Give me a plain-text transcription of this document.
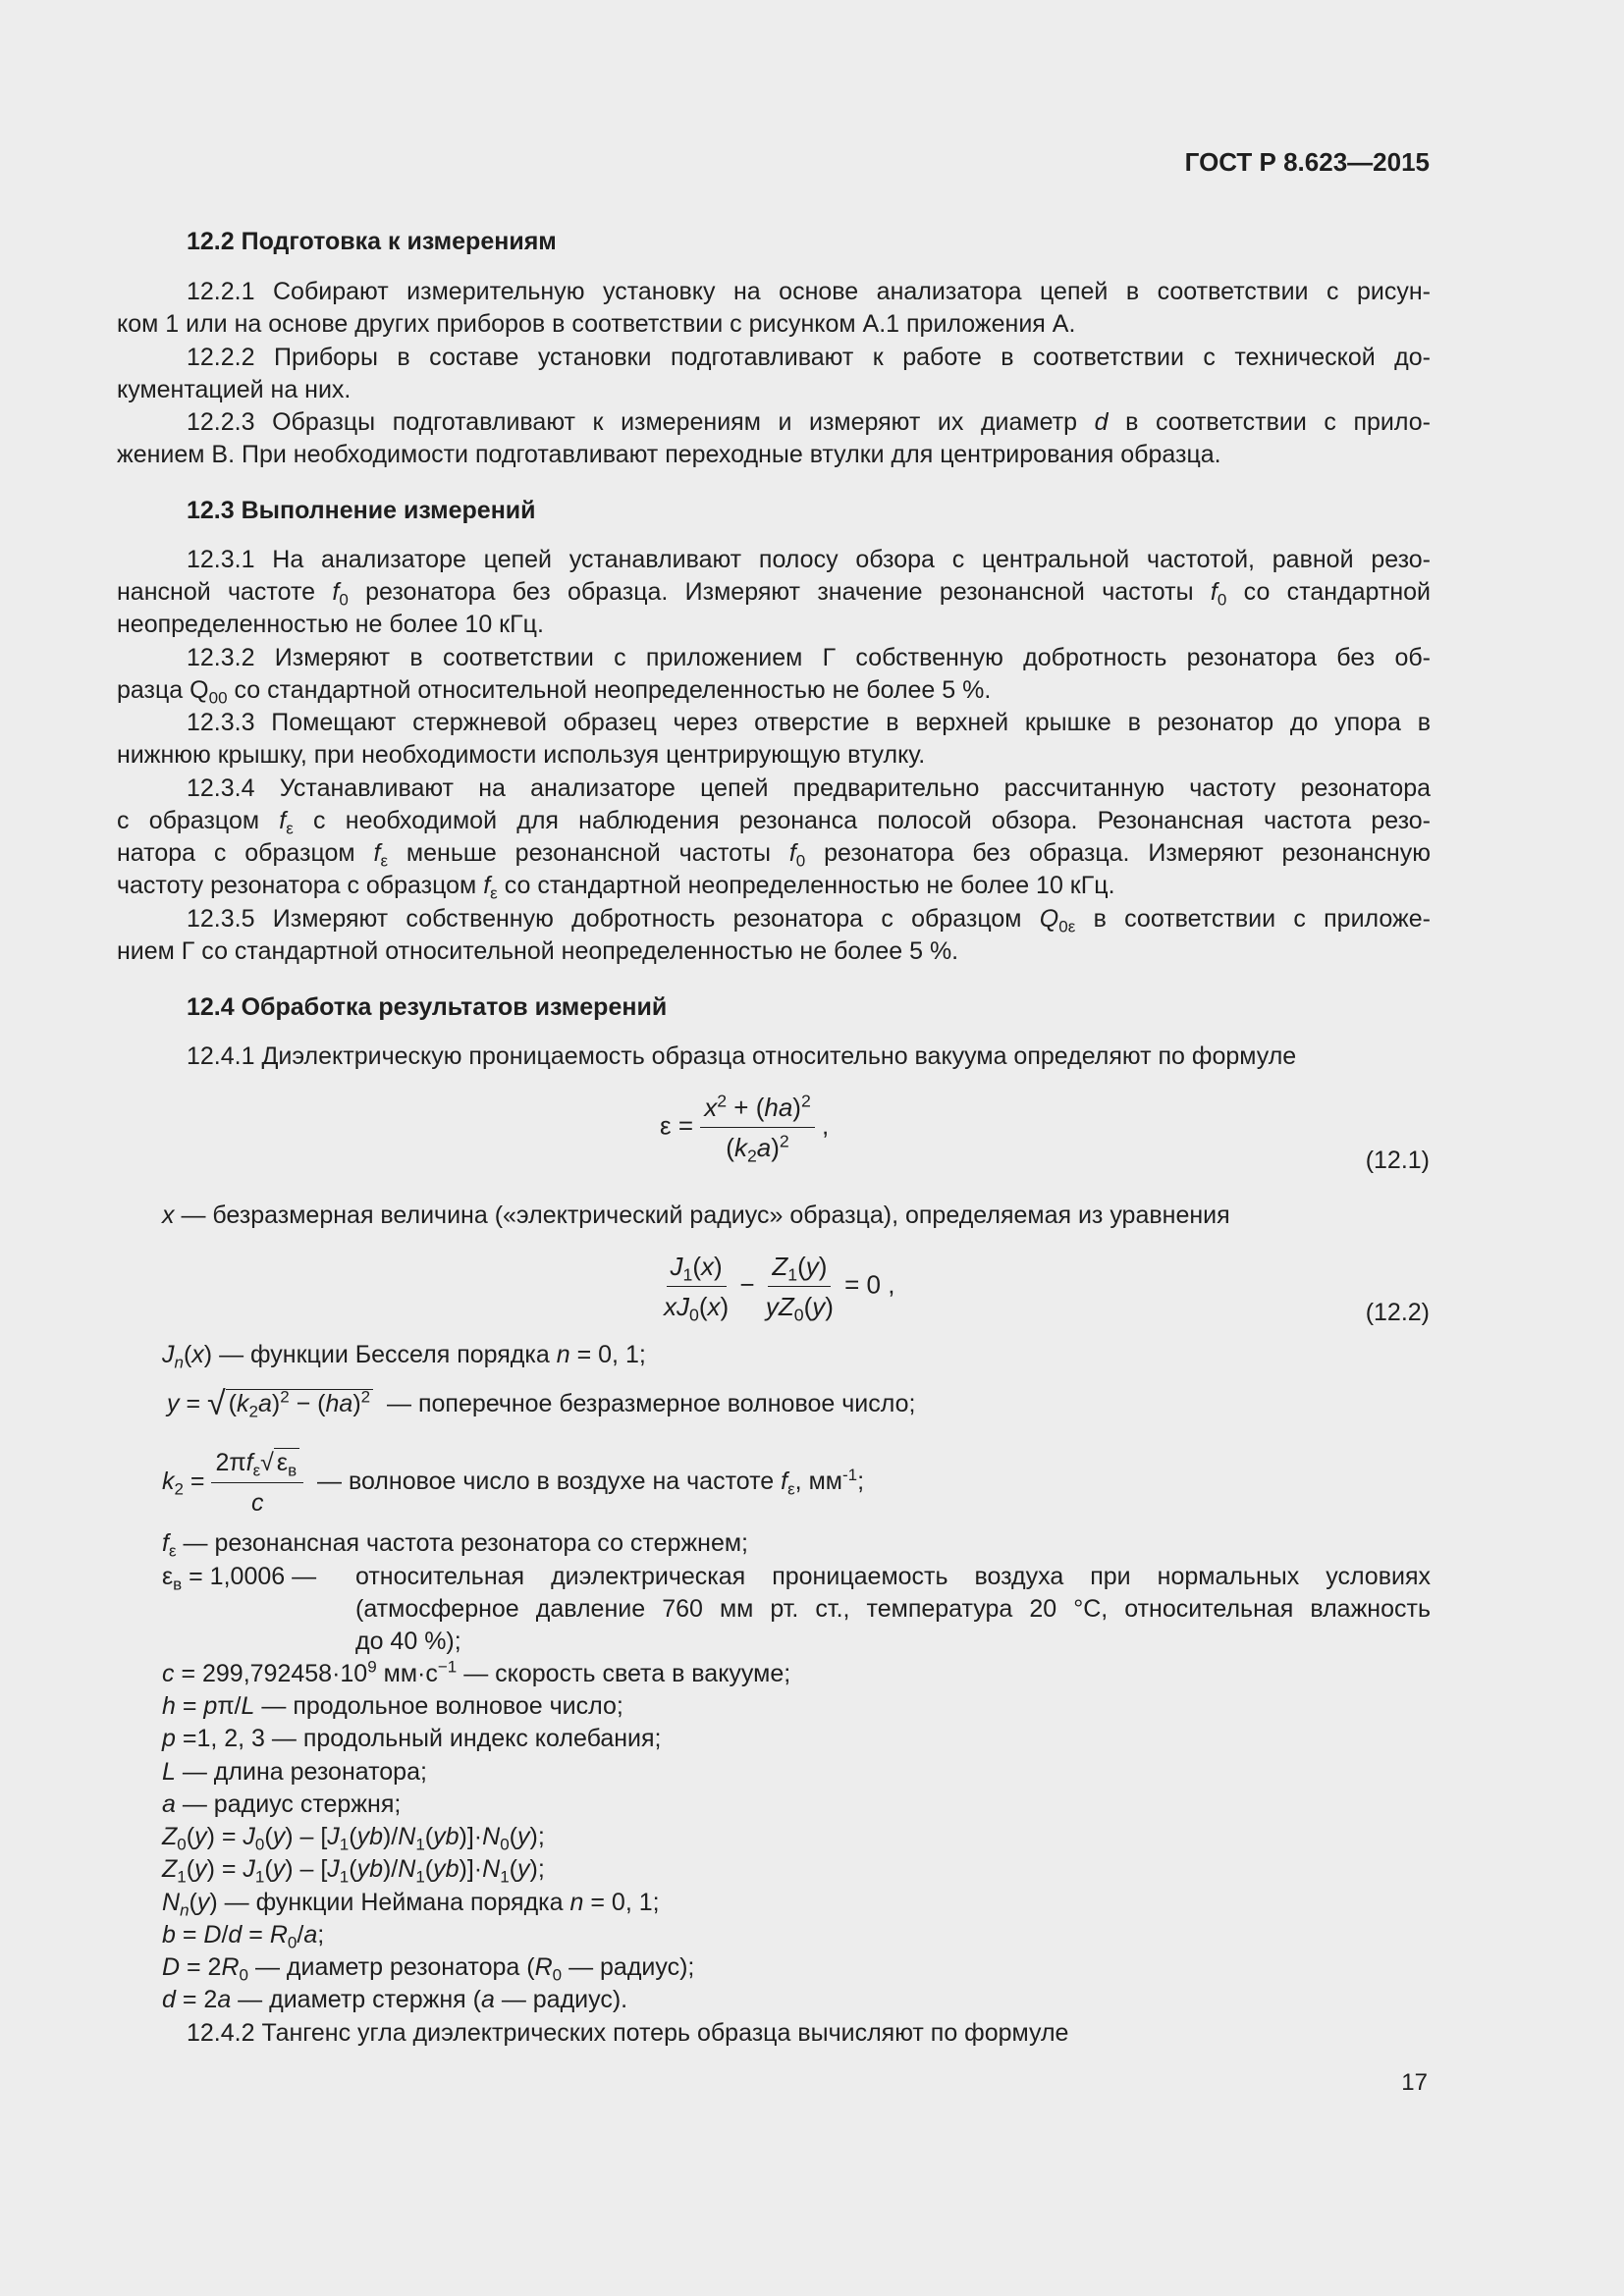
ГОСТ Р 8.623—2015

12.2 Подготовка к измерениям

12.2.1 Собирают измерительную установку на основе анализатора цепей в соответствии с рисун-
ком 1 или на основе других приборов в соответствии с рисунком А.1 приложения А.
12.2.2 Приборы в составе установки подготавливают к работе в соответствии с технической до-
кументацией на них.
12.2.3 Образцы подготавливают к измерениям и измеряют их диаметр d в соответствии с прило-
жением В. При необходимости подготавливают переходные втулки для центрирования образца.

12.3 Выполнение измерений

12.3.1 На анализаторе цепей устанавливают полосу обзора с центральной частотой, равной резо-
нансной частоте $f_0$ резонатора без образца. Измеряют значение резонансной частоты $f_0$ со стандартной
неопределенностью не более 10 кГц.
12.3.2 Измеряют в соответствии с приложением Г собственную добротность резонатора без об-
разца $Q_{00}$ со стандартной относительной неопределенностью не более 5 %.
12.3.3 Помещают стержневой образец через отверстие в верхней крышке в резонатор до упора в
нижнюю крышку, при необходимости используя центрирующую втулку.
12.3.4 Устанавливают на анализаторе цепей предварительно рассчитанную частоту резонатора
с образцом $f_\varepsilon$ с необходимой для наблюдения резонанса полосой обзора. Резонансная частота резо-
натора с образцом $f_\varepsilon$ меньше резонансной частоты $f_0$ резонатора без образца. Измеряют резонансную
частоту резонатора с образцом $f_\varepsilon$ со стандартной неопределенностью не более 10 кГц.
12.3.5 Измеряют собственную добротность резонатора с образцом $Q_{0\varepsilon}$ в соответствии с приложе-
нием Г со стандартной относительной неопределенностью не более 5 %.

12.4 Обработка результатов измерений

12.4.1 Диэлектрическую проницаемость образца относительно вакуума определяют по формуле
$\varepsilon = \frac{x^2 + (ha)^2}{(k_2a)^2}$ ,

(12.1)

x — безразмерная величина («электрический радиус» образца), определяемая из уравнения
$\frac{J_1(x)}{xJ_0(x)} - \frac{Z_1(y)}{yZ_0(y)} = 0$ ,

(12.2)

$J_n(x)$ — функции Бесселя порядка n = 0, 1;
y = √ $(k_2a)^2 - (ha)^2$ — поперечное безразмерное волновое число;
$k_2 = \frac{2\pi f_\varepsilon√ \varepsilon_в}{c}$ — волновое число в воздухе на частоте $f_\varepsilon$, $мм^{-1}$;
$f_\varepsilon$ — резонансная частота резонатора со стержнем;
$\varepsilon_в = 1,0006$ — относительная диэлектрическая проницаемость воздуха при нормальных условиях
(атмосферное давление 760 мм рт. ст., температура 20 °С, относительная влажность
до 40 %);
$c = 299,792458\cdot 10^9$ $мм\cdot с^{-1}$ — скорость света в вакууме;
h = pπ/L — продольное волновое число;
p =1, 2, 3 — продольный индекс колебания;
L — длина резонатора;
a — радиус стержня;
$Z_0(y) = J_0(y) - [J_1(yb)/N_1(yb)]\cdot N_0(y)$;
$Z_1(y) = J_1(y) - [J_1(yb)/N_1(yb)]\cdot N_1(y)$;
$N_n(y)$ — функции Неймана порядка n = 0, 1;
$b = D/d = R_0/a$;
$D = 2R_0$ — диаметр резонатора ($R_0$ — радиус);
d = 2a — диаметр стержня (a — радиус).
12.4.2 Тангенс угла диэлектрических потерь образца вычисляют по формуле

17
